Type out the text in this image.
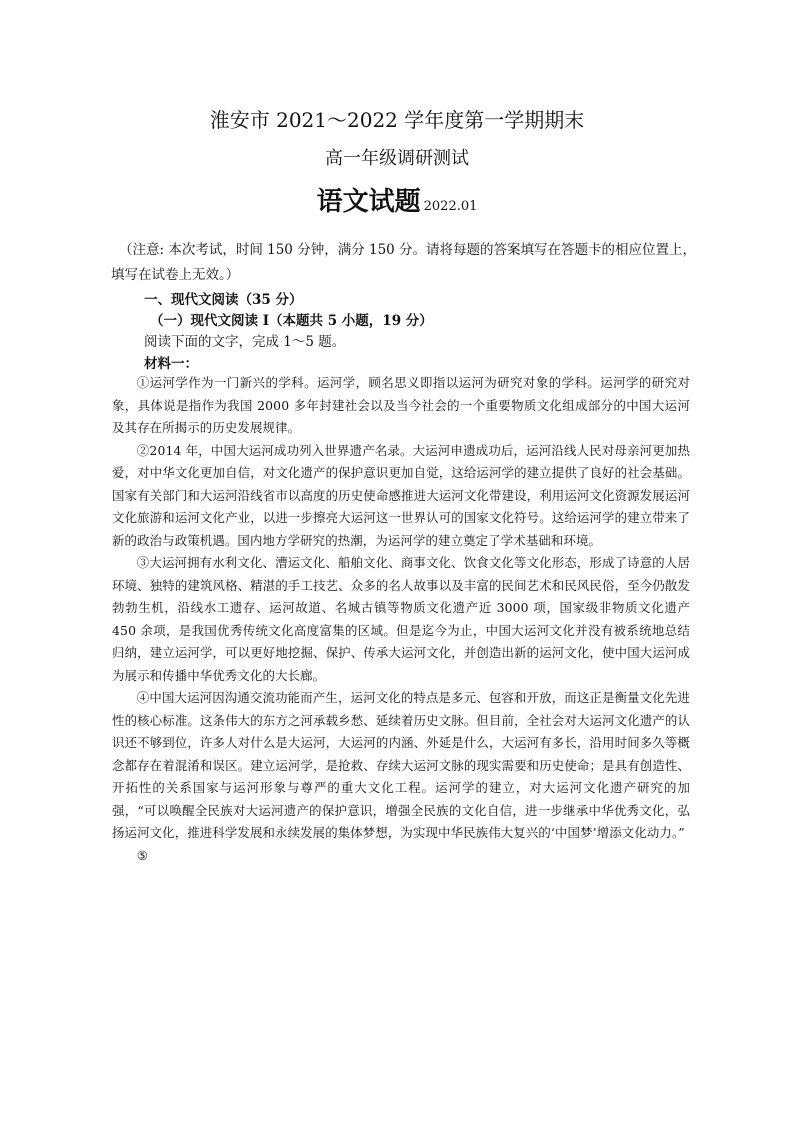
淮安市 2021～2022 学年度第一学期期末
高一年级调研测试
语文试题 2022.01
（注意: 本次考试，时间 150 分钟，满分 150 分。请将每题的答案填写在答题卡的相应位置上，
填写在试卷上无效。）
一、现代文阅读（35 分）
（一）现代文阅读 I（本题共 5 小题，19 分）
阅读下面的文字，完成 1～5 题。
材料一：

①运河学作为一门新兴的学科。运河学，顾名思义即指以运河为研究对象的学科。运河学的研究对象，具体说是指作为我国 2000 多年封建社会以及当今社会的一个重要物质文化组成部分的中国大运河及其存在所揭示的历史发展规律。

②2014 年，中国大运河成功列入世界遗产名录。大运河申遗成功后，运河沿线人民对母亲河更加热爱，对中华文化更加自信，对文化遗产的保护意识更加自觉，这给运河学的建立提供了良好的社会基础。国家有关部门和大运河沿线省市以高度的历史使命感推进大运河文化带建设，利用运河文化资源发展运河文化旅游和运河文化产业，以进一步擦亮大运河这一世界认可的国家文化符号。这给运河学的建立带来了新的政治与政策机遇。国内地方学研究的热潮，为运河学的建立奠定了学术基础和环境。

③大运河拥有水利文化、漕运文化、船舶文化、商事文化、饮食文化等文化形态，形成了诗意的人居环境、独特的建筑风格、精湛的手工技艺、众多的名人故事以及丰富的民间艺术和民风民俗，至今仍散发勃勃生机，沿线水工遗存、运河故道、名城古镇等物质文化遗产近 3000 项，国家级非物质文化遗产 450 余项，是我国优秀传统文化高度富集的区域。但是迄今为止，中国大运河文化并没有被系统地总结归纳，建立运河学，可以更好地挖掘、保护、传承大运河文化，并创造出新的运河文化，使中国大运河成为展示和传播中华优秀文化的大长廊。

④中国大运河因沟通交流功能而产生，运河文化的特点是多元、包容和开放，而这正是衡量文化先进性的核心标准。这条伟大的东方之河承载乡愁、延续着历史文脉。但目前，全社会对大运河文化遗产的认识还不够到位，许多人对什么是大运河，大运河的内涵、外延是什么，大运河有多长，沿用时间多久等概念都存在着混淆和误区。建立运河学，是抢救、存续大运河文脉的现实需要和历史使命；是具有创造性、开拓性的关系国家与运河形象与尊严的重大文化工程。运河学的建立，对大运河文化遗产研究的加强，“可以唤醒全民族对大运河遗产的保护意识，增强全民族的文化自信，进一步继承中华优秀文化，弘扬运河文化，推进科学发展和永续发展的集体梦想，为实现中华民族伟大复兴的‘中国梦’增添文化动力。”

⑤
